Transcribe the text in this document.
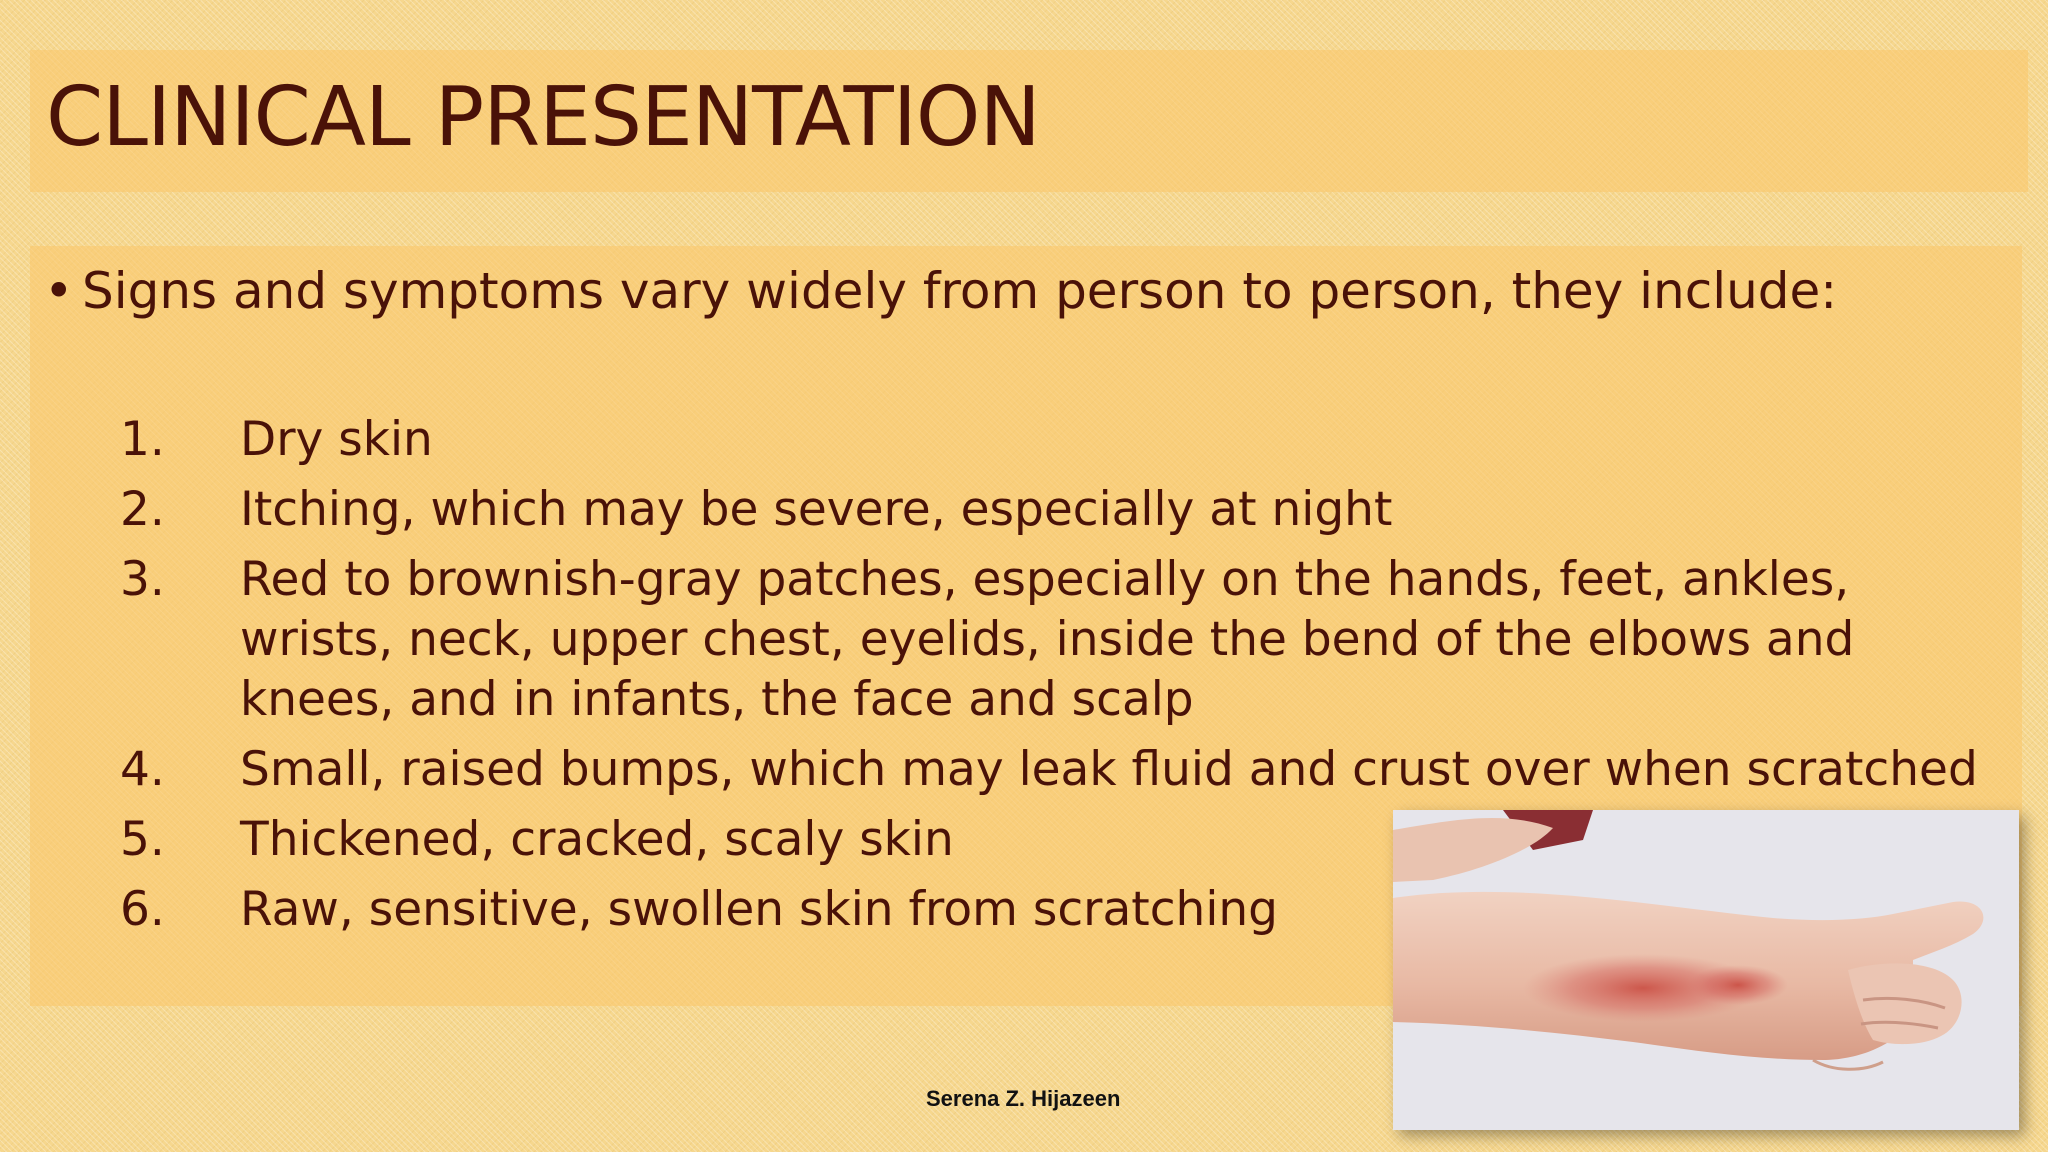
CLINICAL PRESENTATION
• Signs and symptoms vary widely from person to person, they include:
1. Dry skin
2. Itching, which may be severe, especially at night
3. Red to brownish-gray patches, especially on the hands, feet, ankles, wrists, neck, upper chest, eyelids, inside the bend of the elbows and knees, and in infants, the face and scalp
4. Small, raised bumps, which may leak fluid and crust over when scratched
5. Thickened, cracked, scaly skin
6. Raw, sensitive, swollen skin from scratching
Serena Z. Hijazeen
